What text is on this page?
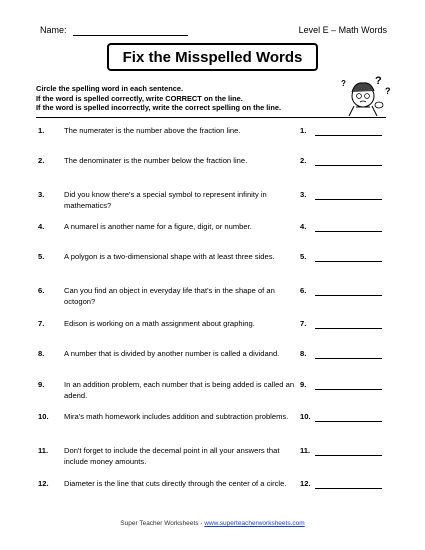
Name:	Level E – Math Words
Fix the Misspelled Words
?
?
?
Circle the spelling word in each sentence.
If the word is spelled correctly, write CORRECT on the line.
If the word is spelled incorrectly, write the correct spelling on the line.
1.	The numerater is the number above the fraction line.	1.
2.	The denominater is the number below the fraction line.	2.
3.	Did you know there's a special symbol to represent infinity in mathematics?
3.
4.	A numarel is another name for a figure, digit, or number.	4.
5.	A polygon is a two-dimensional shape with at least three sides.	5.
6.	Can you find an object in everyday life that's in the shape of an octogon?
6.
7.	Edison is working on a math assignment about graphing.	7.
8.	A number that is divided by another number is called a dividand.	8.
9.	In an addition problem, each number that is being added is called an adend.
9.
10. Mira's math homework includes addition and subtraction problems.	10.
11. Don't forget to include the decemal point in all your answers that include money amounts.
11.
12. Diameter is the line that cuts directly through the center of a circle.	12.
Super Teacher Worksheets - www.superteacherworksheets.com
